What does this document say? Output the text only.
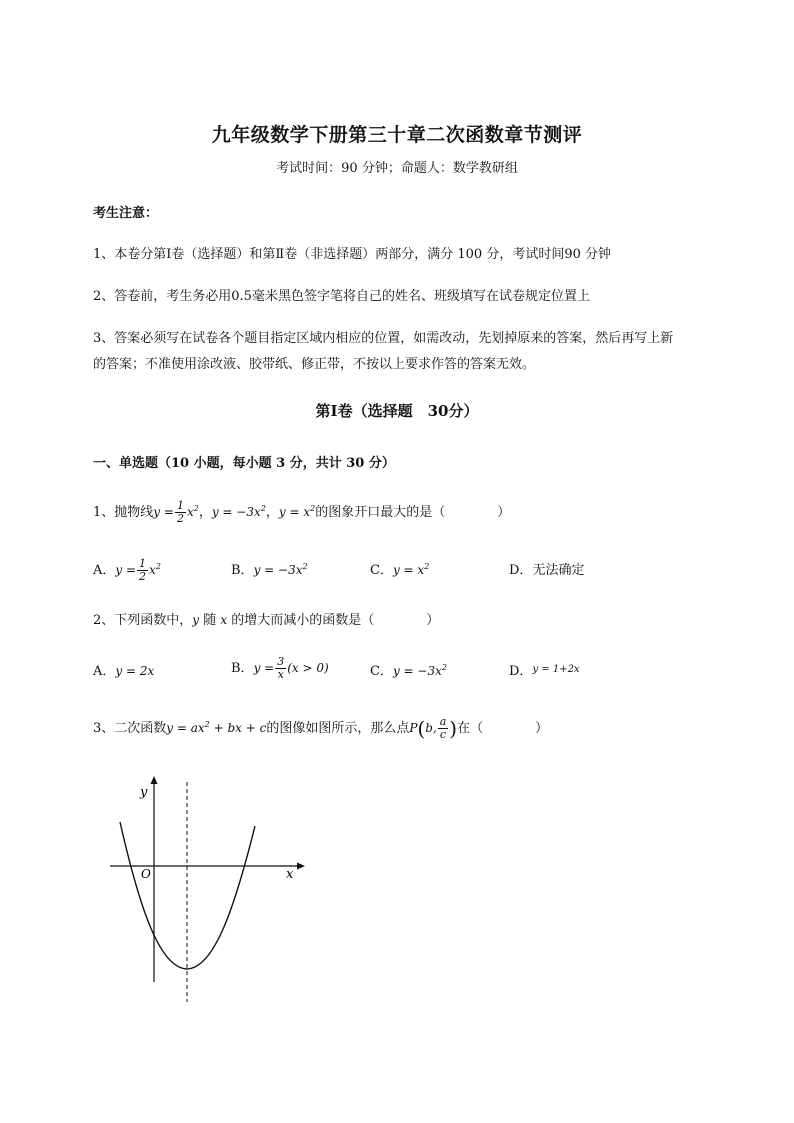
九年级数学下册第三十章二次函数章节测评
考试时间：90 分钟；命题人：数学教研组
考生注意：
1、本卷分第Ⅰ卷（选择题）和第Ⅱ卷（非选择题）两部分，满分 100 分，考试时间90 分钟
2、答卷前，考生务必用0.5毫米黑色签字笔将自己的姓名、班级填写在试卷规定位置上
3、答案必须写在试卷各个题目指定区域内相应的位置，如需改动，先划掉原来的答案，然后再写上新
的答案；不准使用涂改液、胶带纸、修正带，不按以上要求作答的答案无效。
第Ⅰ卷（选择题　30分）
一、单选题（10 小题，每小题 3 分，共计 30 分）
1、抛物线$y = \frac{1}{2} x^2$，$y = -3x^2$，$y = x^2$的图象开口最大的是（　　　　）
A．$y = \frac{1}{2} x^2$	B．$y = -3x^2$	C．$y = x^2$	D．无法确定
2、下列函数中，y 随 x 的增大而减小的函数是（　　　　）
A．y = 2x	B．$y = \frac{3}{x} (x > 0)$	C．$y = -3x^2$	D．$^{y = 1+2x}$
3、二次函数$y = ax^2$ + bx + c的图像如图所示，那么点P(b, $\frac{a}{c}$ )在（　　　　）
y
x
O
